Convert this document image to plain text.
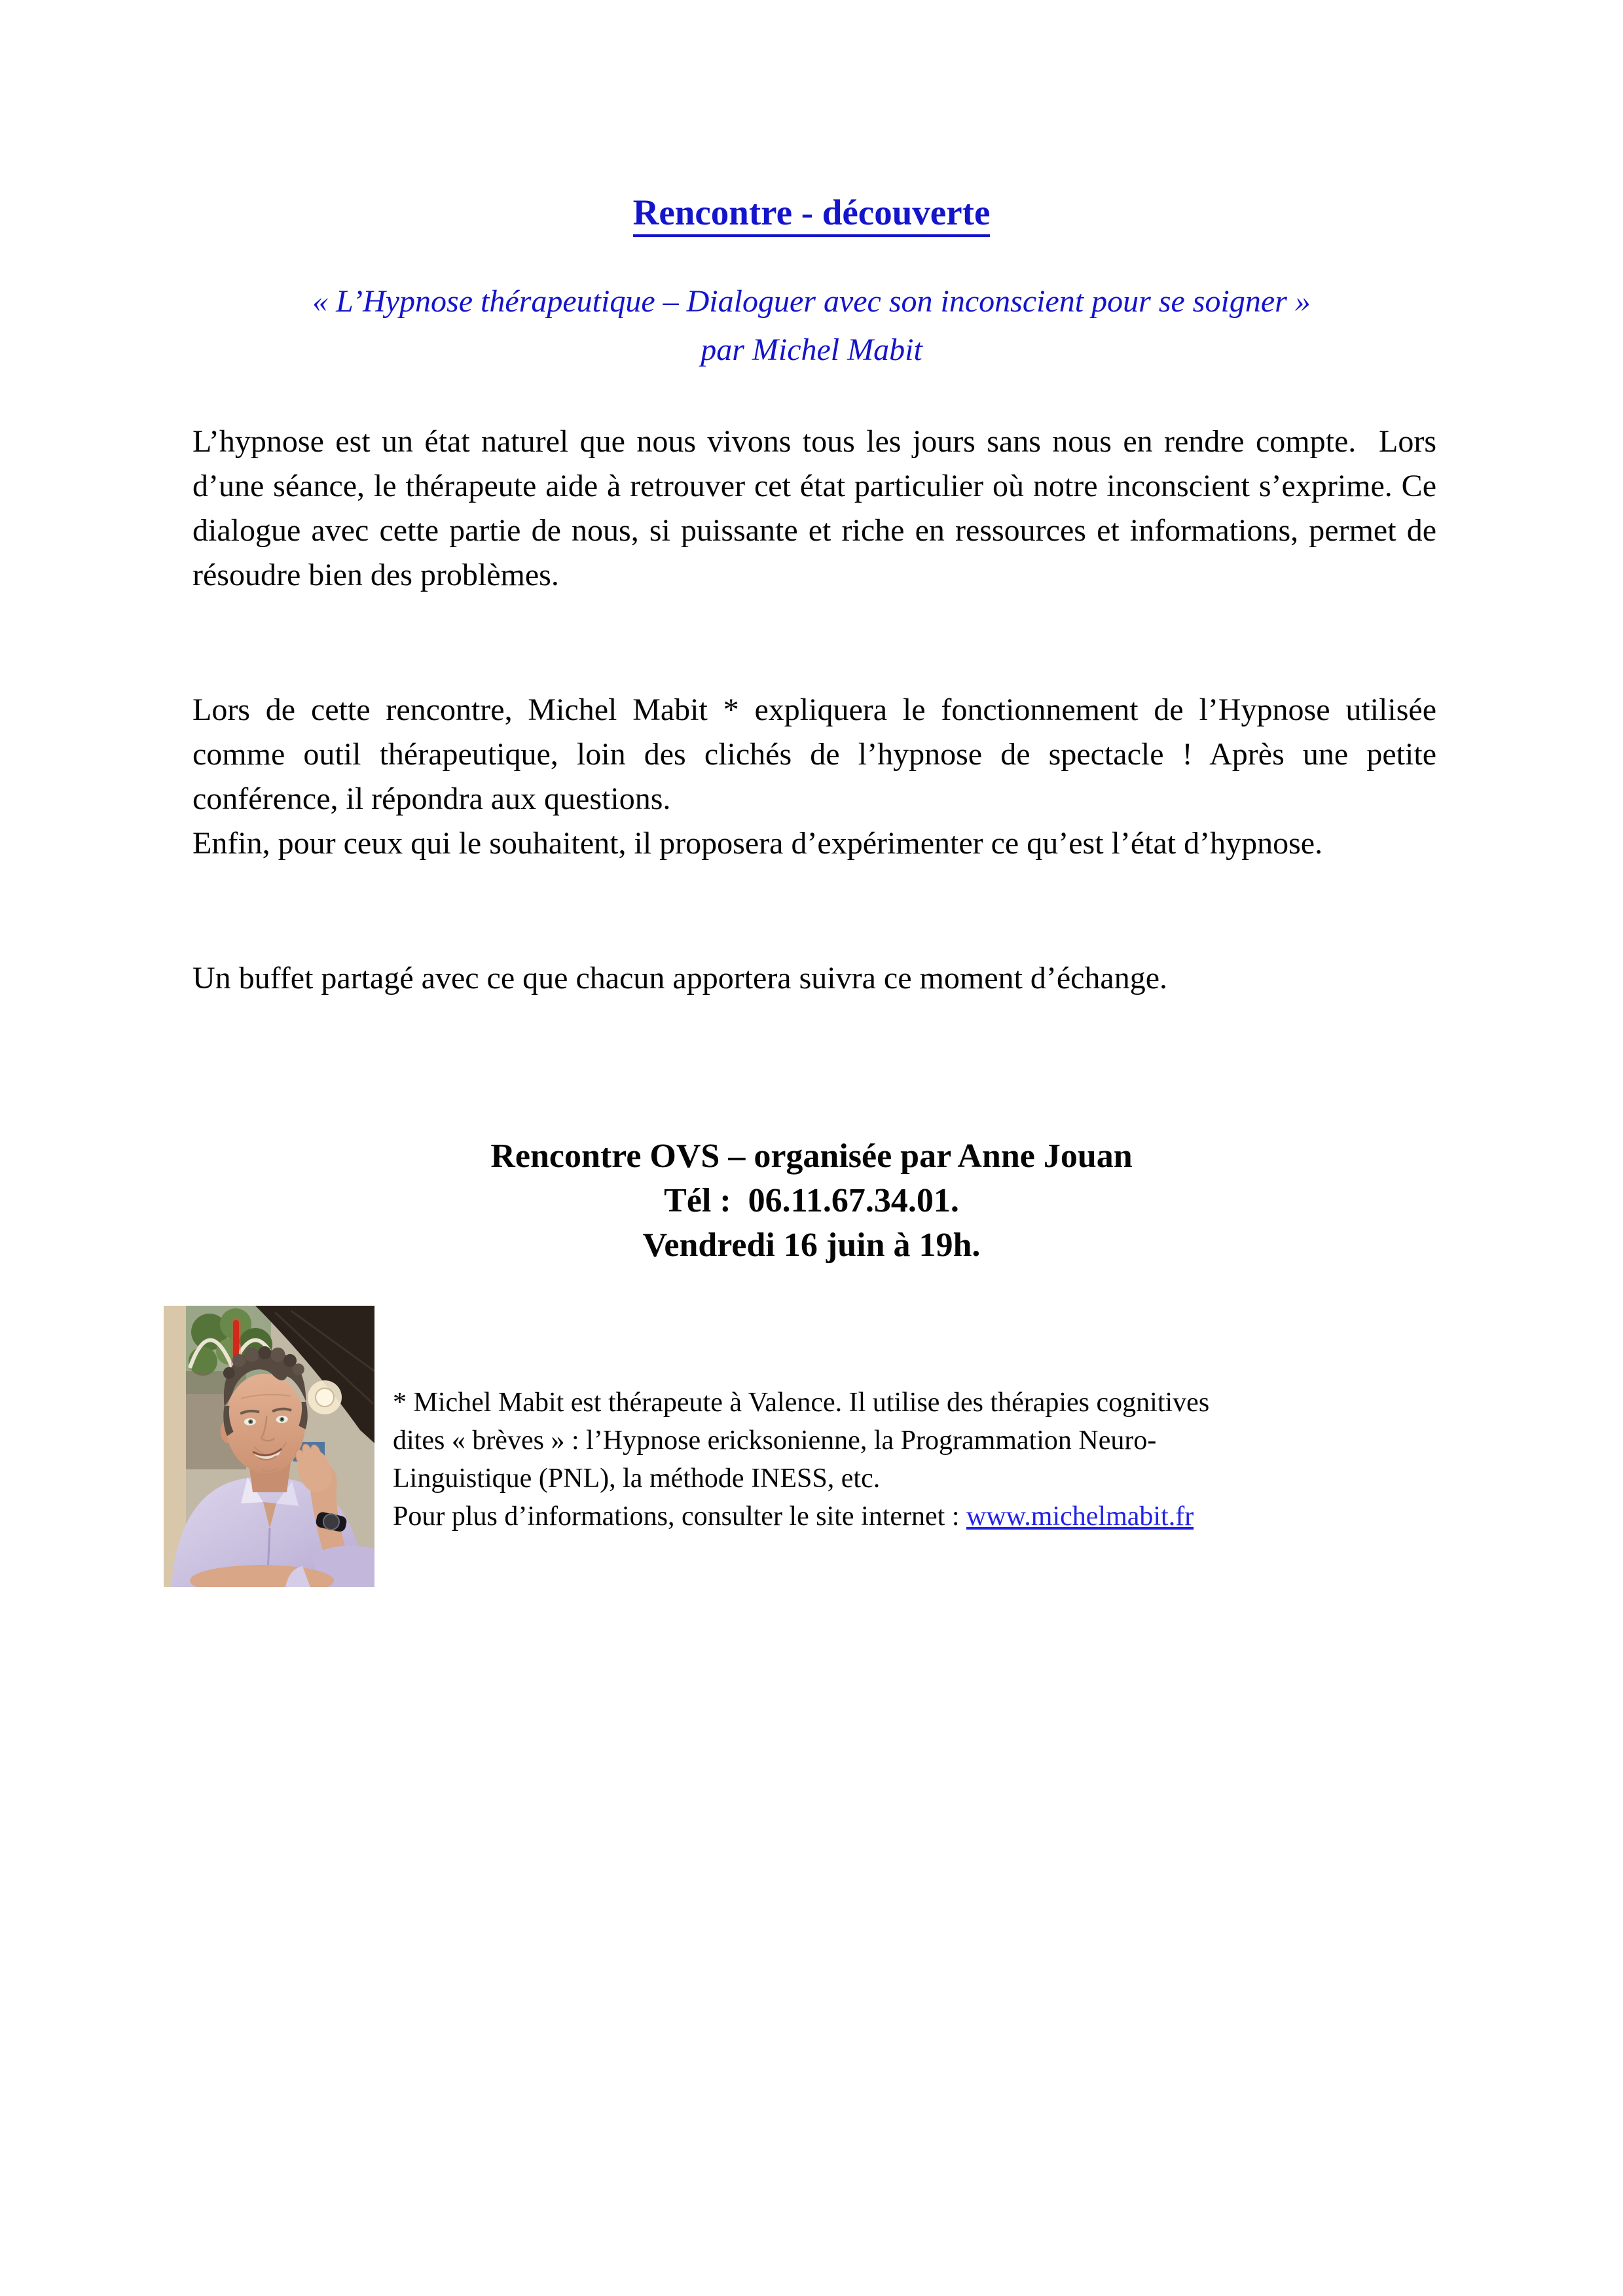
Rencontre - découverte
« L’Hypnose thérapeutique – Dialoguer avec son inconscient pour se soigner »
par Michel Mabit
L’hypnose est un état naturel que nous vivons tous les jours sans nous en rendre compte.  Lors d’une séance, le thérapeute aide à retrouver cet état particulier où notre inconscient s’exprime. Ce dialogue avec cette partie de nous, si puissante et riche en ressources et informations, permet de résoudre bien des problèmes.
Lors de cette rencontre, Michel Mabit * expliquera le fonctionnement de l’Hypnose utilisée comme outil thérapeutique, loin des clichés de l’hypnose de spectacle ! Après une petite conférence, il répondra aux questions.
Enfin, pour ceux qui le souhaitent, il proposera d’expérimenter ce qu’est l’état d’hypnose.
Un buffet partagé avec ce que chacun apportera suivra ce moment d’échange.
Rencontre OVS – organisée par Anne Jouan
Tél :  06.11.67.34.01.
Vendredi 16 juin à 19h.
* Michel Mabit est thérapeute à Valence. Il utilise des thérapies cognitives
dites « brèves » : l’Hypnose ericksonienne, la Programmation Neuro-
Linguistique (PNL), la méthode INESS, etc.
Pour plus d’informations, consulter le site internet : www.michelmabit.fr
